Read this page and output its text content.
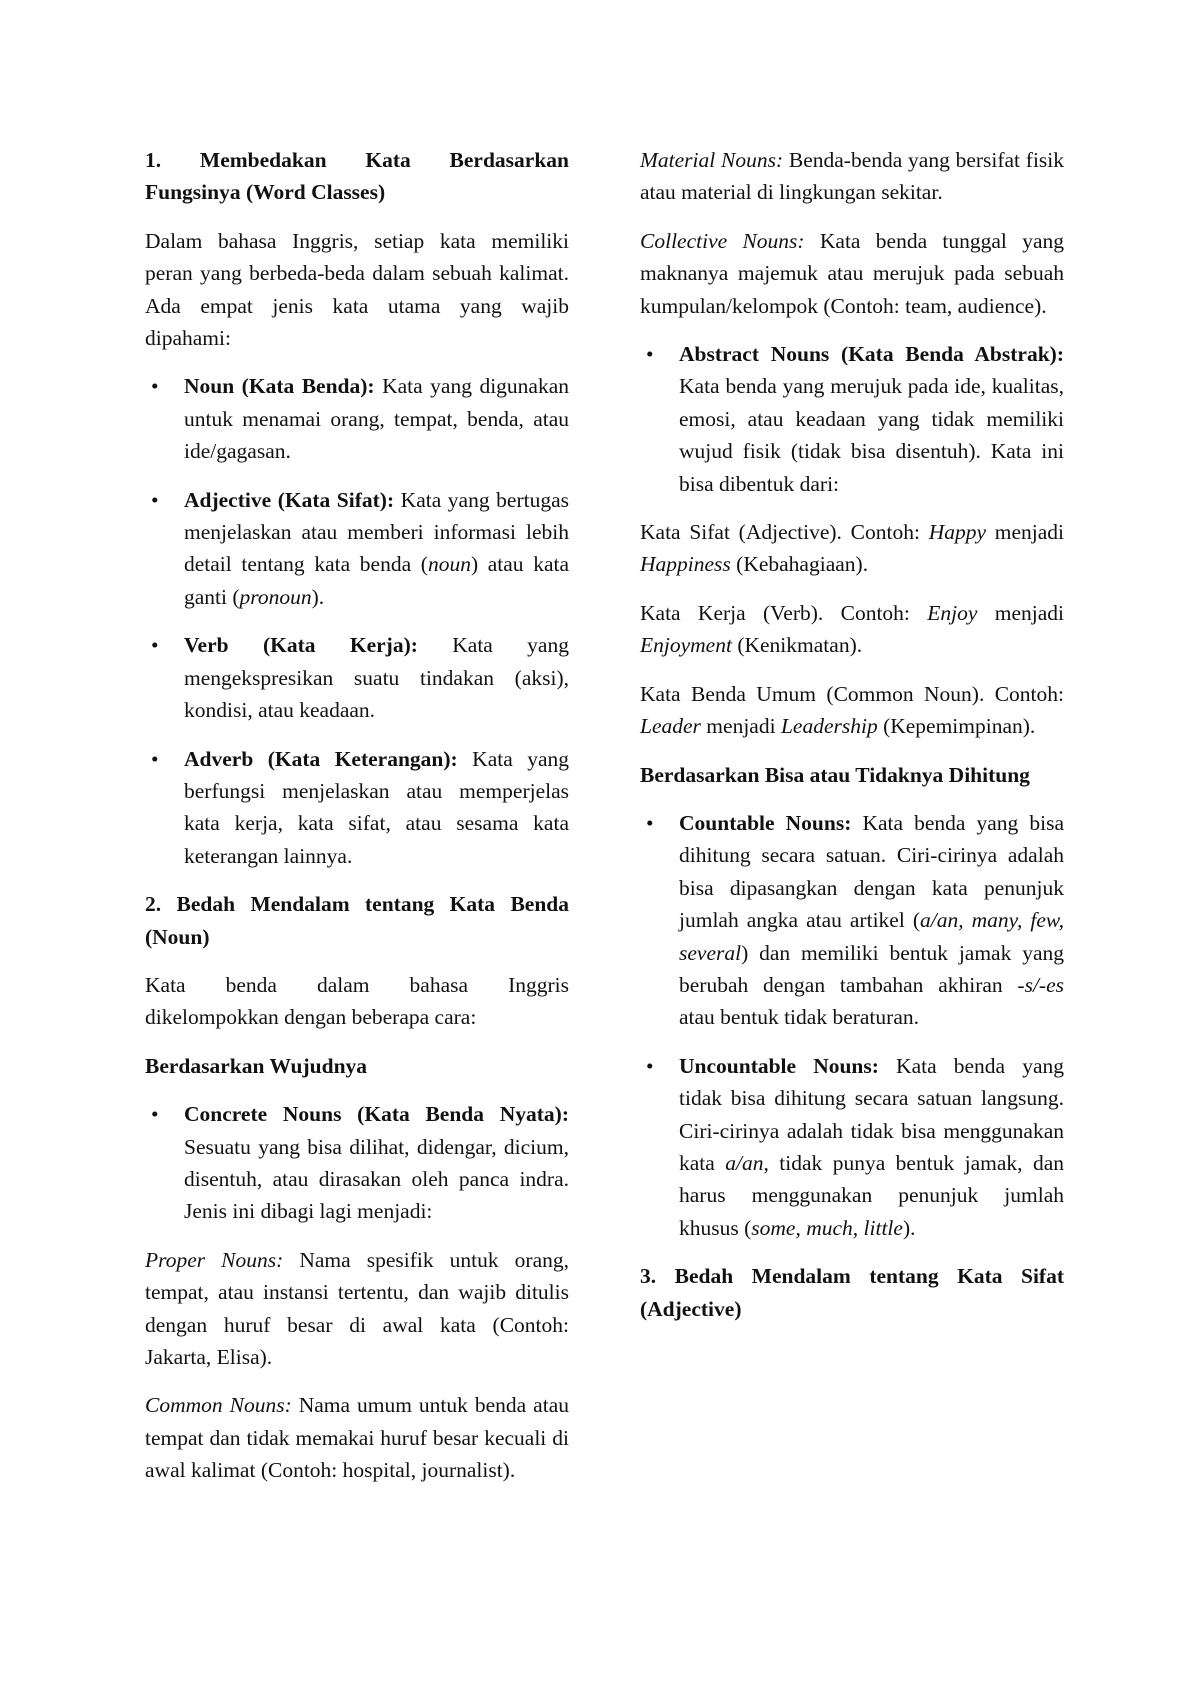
1. Membedakan Kata Berdasarkan Fungsinya (Word Classes)

Dalam bahasa Inggris, setiap kata memiliki peran yang berbeda-beda dalam sebuah kalimat. Ada empat jenis kata utama yang wajib dipahami:

• Noun (Kata Benda): Kata yang digunakan untuk menamai orang, tempat, benda, atau ide/gagasan.
• Adjective (Kata Sifat): Kata yang bertugas menjelaskan atau memberi informasi lebih detail tentang kata benda (noun) atau kata ganti (pronoun).
• Verb (Kata Kerja): Kata yang mengekspresikan suatu tindakan (aksi), kondisi, atau keadaan.
• Adverb (Kata Keterangan): Kata yang berfungsi menjelaskan atau memperjelas kata kerja, kata sifat, atau sesama kata keterangan lainnya.
2. Bedah Mendalam tentang Kata Benda (Noun)

Kata benda dalam bahasa Inggris dikelompokkan dengan beberapa cara:

Berdasarkan Wujudnya
• Concrete Nouns (Kata Benda Nyata): Sesuatu yang bisa dilihat, didengar, dicium, disentuh, atau dirasakan oleh panca indra. Jenis ini dibagi lagi menjadi:

Proper Nouns: Nama spesifik untuk orang, tempat, atau instansi tertentu, dan wajib ditulis dengan huruf besar di awal kata (Contoh: Jakarta, Elisa).

Common Nouns: Nama umum untuk benda atau tempat dan tidak memakai huruf besar kecuali di awal kalimat (Contoh: hospital, journalist).

Material Nouns: Benda-benda yang bersifat fisik atau material di lingkungan sekitar.

Collective Nouns: Kata benda tunggal yang maknanya majemuk atau merujuk pada sebuah kumpulan/kelompok (Contoh: team, audience).

• Abstract Nouns (Kata Benda Abstrak): Kata benda yang merujuk pada ide, kualitas, emosi, atau keadaan yang tidak memiliki wujud fisik (tidak bisa disentuh). Kata ini bisa dibentuk dari:

Kata Sifat (Adjective). Contoh: Happy menjadi Happiness (Kebahagiaan).

Kata Kerja (Verb). Contoh: Enjoy menjadi Enjoyment (Kenikmatan).

Kata Benda Umum (Common Noun). Contoh: Leader menjadi Leadership (Kepemimpinan).

Berdasarkan Bisa atau Tidaknya Dihitung
• Countable Nouns: Kata benda yang bisa dihitung secara satuan. Ciri-cirinya adalah bisa dipasangkan dengan kata penunjuk jumlah angka atau artikel (a/an, many, few, several) dan memiliki bentuk jamak yang berubah dengan tambahan akhiran -s/-es atau bentuk tidak beraturan.
• Uncountable Nouns: Kata benda yang tidak bisa dihitung secara satuan langsung. Ciri-cirinya adalah tidak bisa menggunakan kata a/an, tidak punya bentuk jamak, dan harus menggunakan penunjuk jumlah khusus (some, much, little).
3. Bedah Mendalam tentang Kata Sifat (Adjective)
